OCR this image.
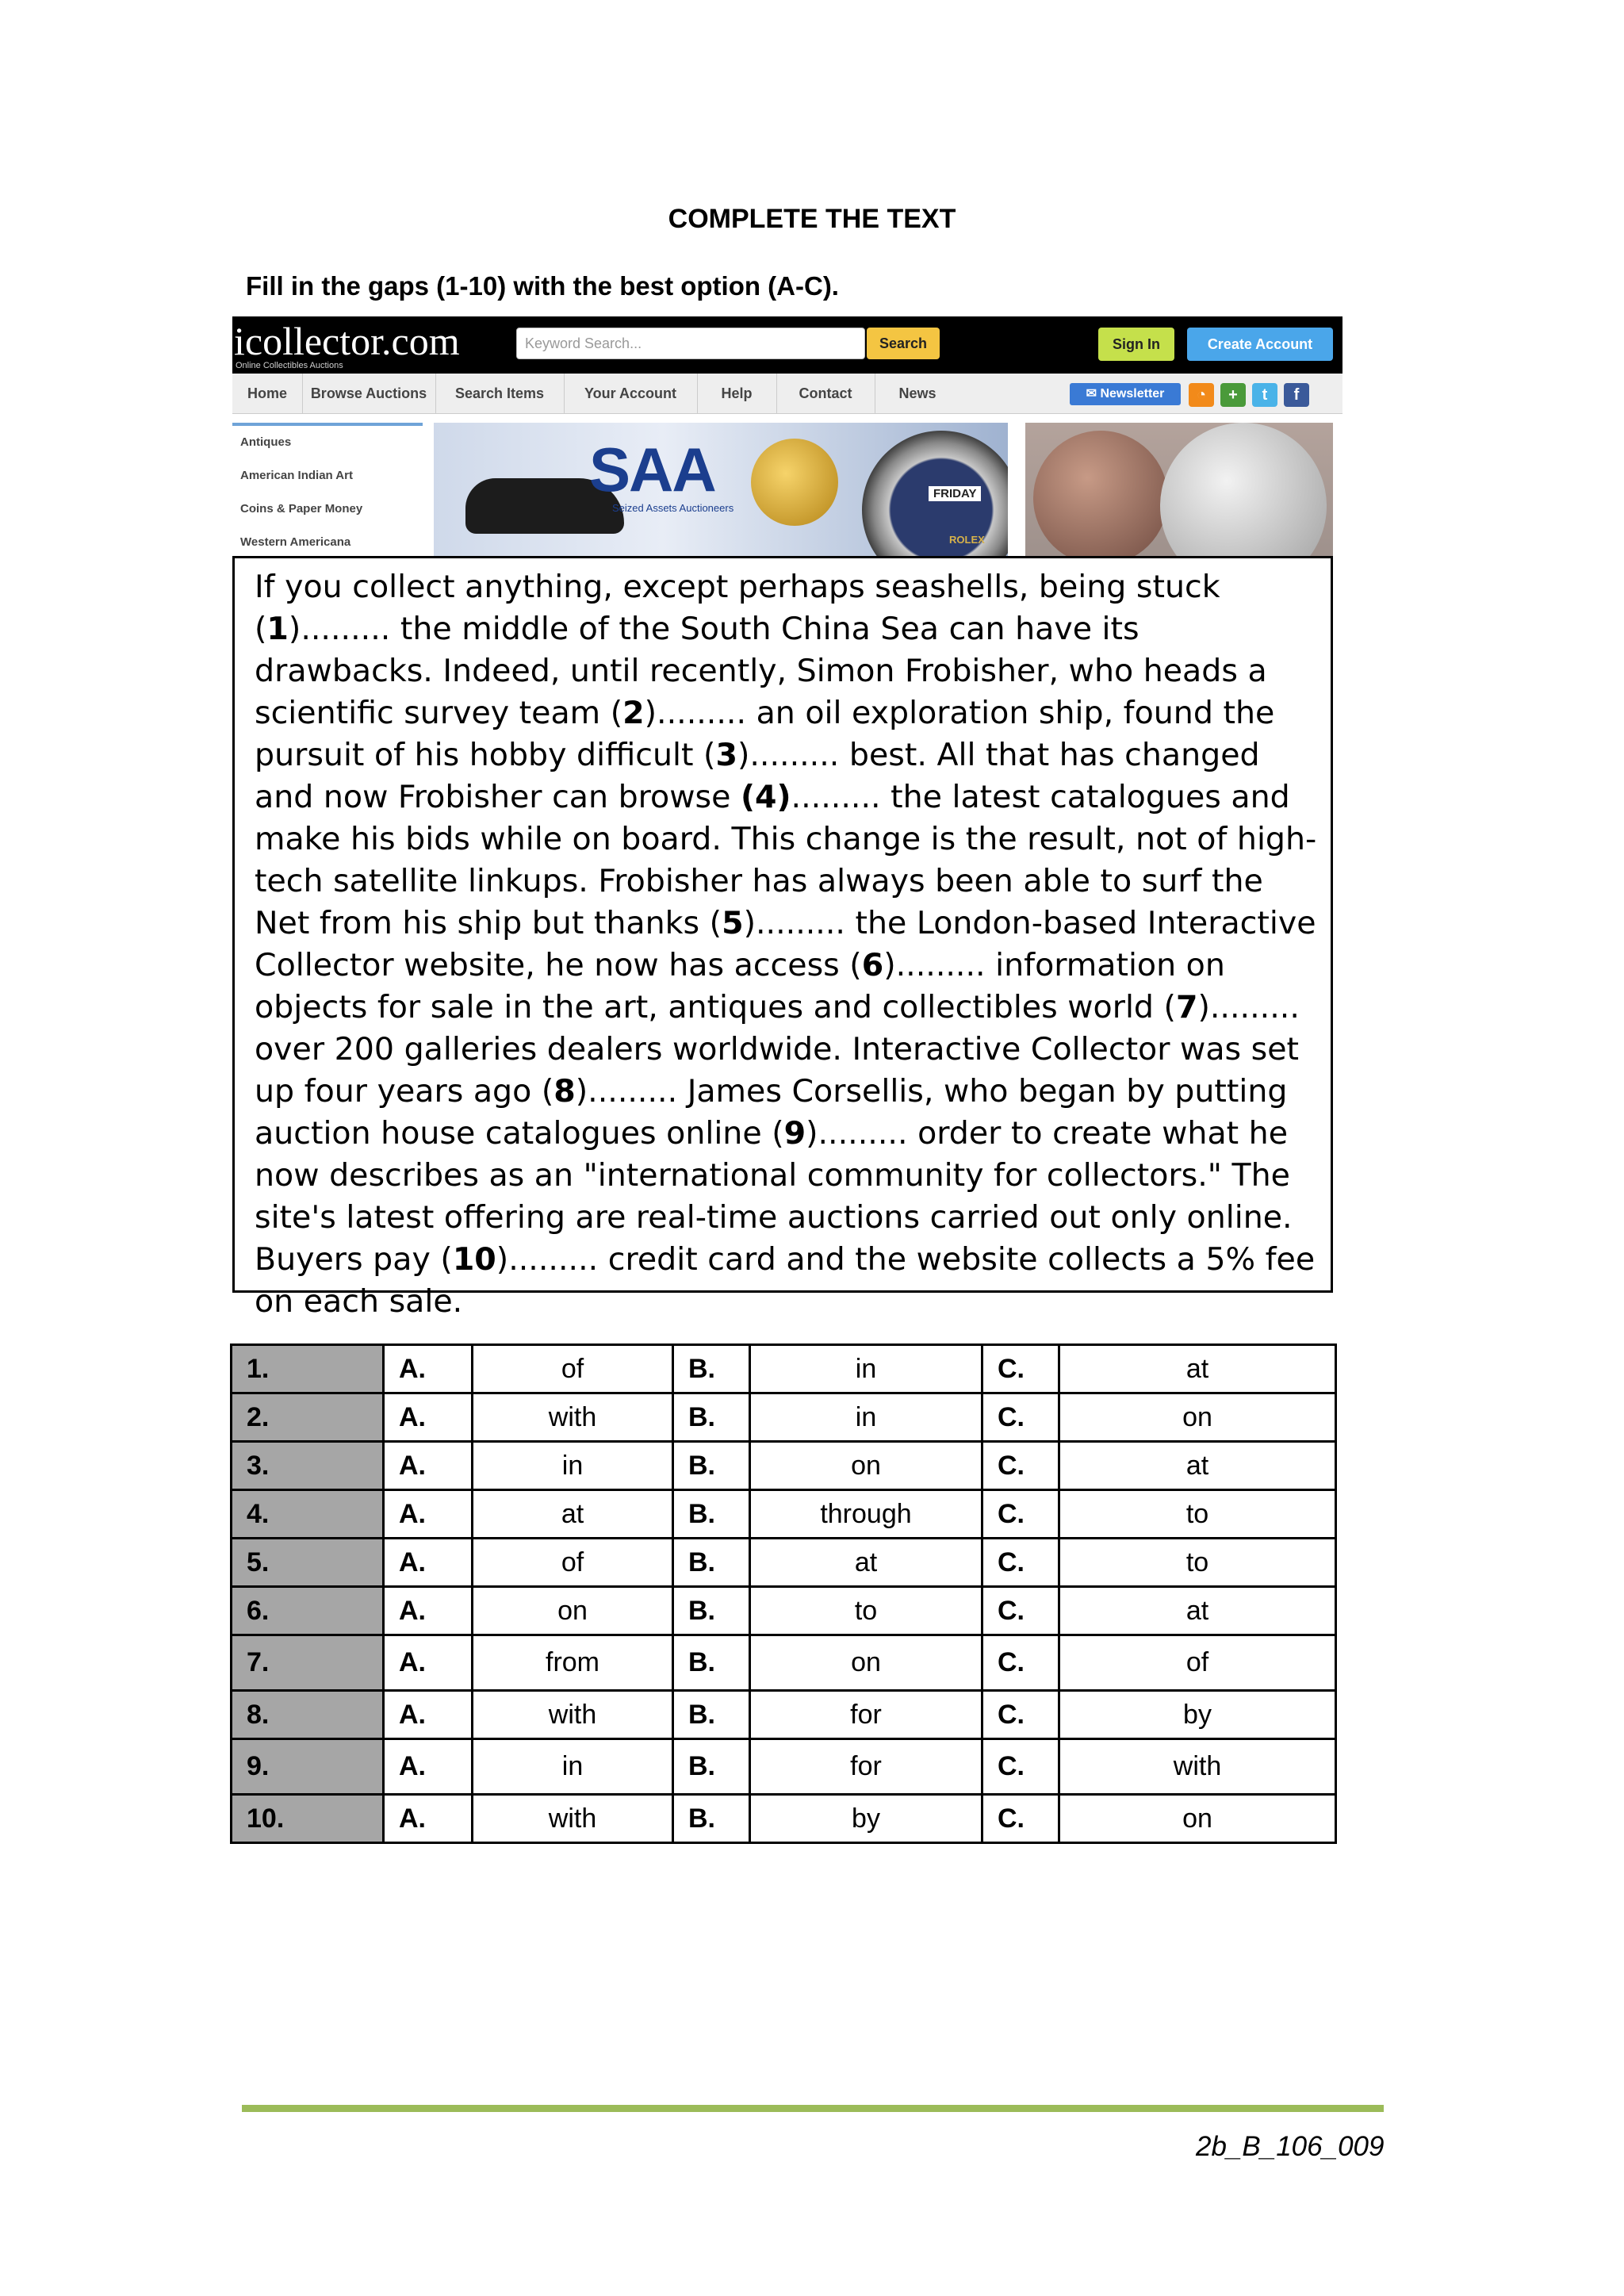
COMPLETE THE TEXT
Fill in the gaps (1-10) with the best option (A-C).
icollector.com
Online Collectibles Auctions
Keyword Search...	Search	Sign In	Create Account
Home	Browse Auctions	Search Items	Your Account	Help	Contact	News	✉ Newsletter	◔	+	t	f
Antiques
American Indian Art
Coins & Paper Money
Western Americana
SAA
Seized Assets Auctioneers
FRIDAY
ROLEX
If you collect anything, except perhaps seashells, being stuck (1)......... the middle of the South China Sea can have its drawbacks. Indeed, until recently, Simon Frobisher, who heads a scientific survey team (2)......... an oil exploration ship, found the pursuit of his hobby difficult (3)......... best. All that has changed and now Frobisher can browse (4)......... the latest catalogues and make his bids while on board. This change is the result, not of high-tech satellite linkups. Frobisher has always been able to surf the Net from his ship but thanks (5)......... the London-based Interactive Collector website, he now has access (6)......... information on objects for sale in the art, antiques and collectibles world (7)......... over 200 galleries dealers worldwide. Interactive Collector was set up four years ago (8)......... James Corsellis, who began by putting auction house catalogues online (9)......... order to create what he now describes as an "international community for collectors." The site's latest offering are real-time auctions carried out only online. Buyers pay (10)......... credit card and the website collects a 5% fee on each sale.
1.	A.	of	B.	in	C.	at
2.	A.	with	B.	in	C.	on
3.	A.	in	B.	on	C.	at
4.	A.	at	B.	through	C.	to
5.	A.	of	B.	at	C.	to
6.	A.	on	B.	to	C.	at
7.	A.	from	B.	on	C.	of
8.	A.	with	B.	for	C.	by
9.	A.	in	B.	for	C.	with
10.	A.	with	B.	by	C.	on
2b_B_106_009
